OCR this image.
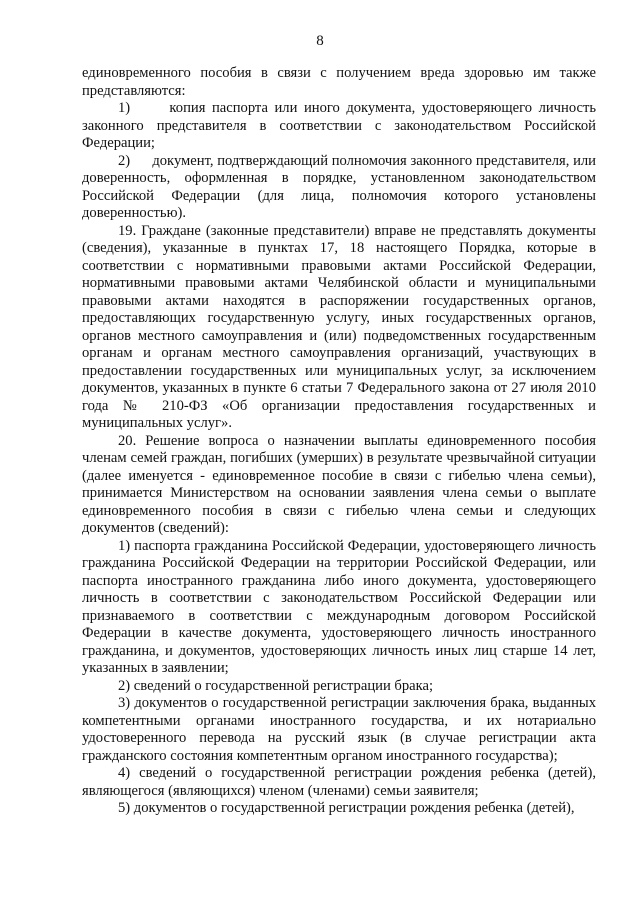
8

единовременного пособия в связи с получением вреда здоровью им также представляются:

1)      копия паспорта или иного документа, удостоверяющего личность законного представителя в соответствии с законодательством Российской Федерации;

2)      документ, подтверждающий полномочия законного представителя, или доверенность, оформленная в порядке, установленном законодательством Российской Федерации (для лица, полномочия которого установлены доверенностью).

19. Граждане (законные представители) вправе не представлять документы (сведения), указанные в пунктах 17, 18 настоящего Порядка, которые в соответствии с нормативными правовыми актами Российской Федерации, нормативными правовыми актами Челябинской области и муниципальными правовыми актами находятся в распоряжении государственных органов, предоставляющих государственную услугу, иных государственных органов, органов местного самоуправления и (или) подведомственных государственным органам и органам местного самоуправления организаций, участвующих в предоставлении государственных или муниципальных услуг, за исключением документов, указанных в пункте 6 статьи 7 Федерального закона от 27 июля 2010 года № 210-ФЗ «Об организации предоставления государственных и муниципальных услуг».

20. Решение вопроса о назначении выплаты единовременного пособия членам семей граждан, погибших (умерших) в результате чрезвычайной ситуации (далее именуется - единовременное пособие в связи с гибелью члена семьи), принимается Министерством на основании заявления члена семьи о выплате единовременного пособия в связи с гибелью члена семьи и следующих документов (сведений):

1) паспорта гражданина Российской Федерации, удостоверяющего личность гражданина Российской Федерации на территории Российской Федерации, или паспорта иностранного гражданина либо иного документа, удостоверяющего личность в соответствии с законодательством Российской Федерации или признаваемого в соответствии с международным договором Российской Федерации в качестве документа, удостоверяющего личность иностранного гражданина, и документов, удостоверяющих личность иных лиц старше 14 лет, указанных в заявлении;

2) сведений о государственной регистрации брака;

3) документов о государственной регистрации заключения брака, выданных компетентными органами иностранного государства, и их нотариально удостоверенного перевода на русский язык (в случае регистрации акта гражданского состояния компетентным органом иностранного государства);

4) сведений о государственной регистрации рождения ребенка (детей), являющегося (являющихся) членом (членами) семьи заявителя;

5) документов о государственной регистрации рождения ребенка (детей),
